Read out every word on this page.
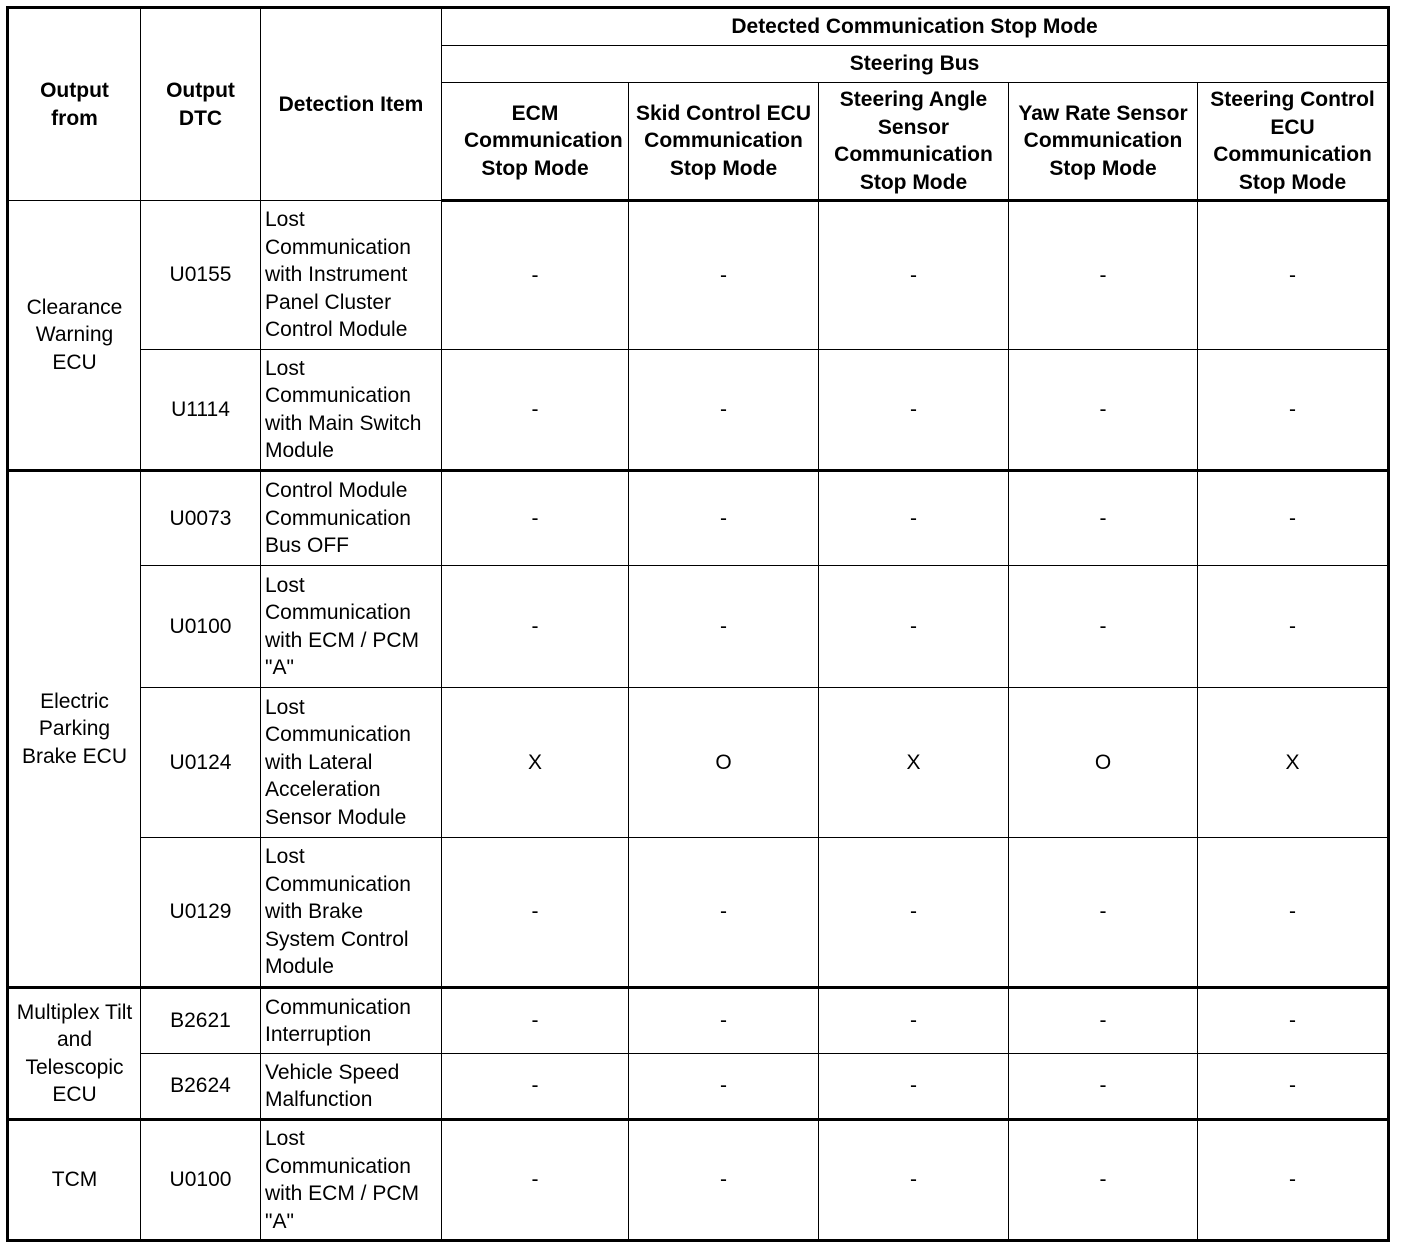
Output from	Output DTC	Detection Item	Detected Communication Stop Mode				
			Steering Bus				
			ECM Communication Stop Mode	Skid Control ECU Communication Stop Mode	Steering Angle Sensor Communication Stop Mode	Yaw Rate Sensor Communication Stop Mode	Steering Control ECU Communication Stop Mode
Clearance Warning ECU	U0155	Lost Communication with Instrument Panel Cluster Control Module	-	-	-	-	-
	U1114	Lost Communication with Main Switch Module	-	-	-	-	-
Electric Parking Brake ECU	U0073	Control Module Communication Bus OFF	-	-	-	-	-
	U0100	Lost Communication with ECM / PCM "A"	-	-	-	-	-
	U0124	Lost Communication with Lateral Acceleration Sensor Module	X	O	X	O	X
	U0129	Lost Communication with Brake System Control Module	-	-	-	-	-
Multiplex Tilt and Telescopic ECU	B2621	Communication Interruption	-	-	-	-	-
	B2624	Vehicle Speed Malfunction	-	-	-	-	-
TCM	U0100	Lost Communication with ECM / PCM "A"	-	-	-	-	-
